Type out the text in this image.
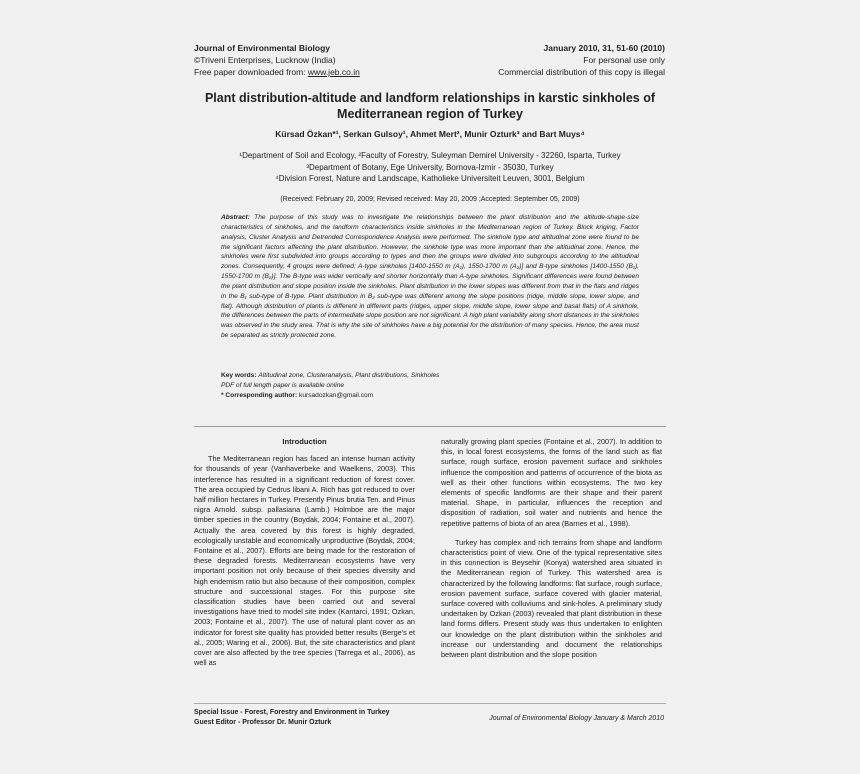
Journal of Environmental Biology
©Triveni Enterprises, Lucknow (India)
Free paper downloaded from: www.jeb.co.in
January 2010, 31, 51-60 (2010)
For personal use only
Commercial distribution of this copy is illegal
Plant distribution-altitude and landform relationships in karstic sinkholes of Mediterranean region of Turkey
Kürsad Özkan*¹, Serkan Gulsoy¹, Ahmet Mert², Munir Ozturk³ and Bart Muys⁴
¹Department of Soil and Ecology, ²Faculty of Forestry, Suleyman Demirel University - 32260, Isparta, Turkey
³Department of Botany, Ege University, Bornova-Izmir - 35030, Turkey
⁴Division Forest, Nature and Landscape, Katholieke Universiteit Leuven, 3001, Belgium
(Received: February 20, 2009; Revised received: May 20, 2009 ;Accepted: September 05, 2009)
Abstract: The purpose of this study was to investigate the relationships between the plant distribution and the altitude-shape-size characteristics of sinkholes, and the landform characteristics inside sinkholes in the Mediterranean region of Turkey. Block kriging, Factor analysis, Cluster Analysis and Detrended Correspondence Analysis were performed. The sinkhole type and altitudinal zone were found to be the significant factors affecting the plant distribution. However, the sinkhole type was more important than the altitudinal zone. Hence, the sinkholes were first subdivided into groups according to types and then the groups were divided into subgroups according to the altitudinal zones. Consequently, 4 groups were defined; A-type sinkholes [1400-1550 m (A₁), 1550-1700 m (A₂)] and B-type sinkholes [1400-1550 (B₁), 1550-1700 m (B₂)]. The B-type was wider vertically and shorter horizontally than A-type sinkholes. Significant differences were found between the plant distribution and slope position inside the sinkholes. Plant distribution in the lower slopes was different from that in the flats and ridges in the B₁ sub-type of B-type. Plant distribution in B₂ sub-type was different among the slope positions (ridge, middle slope, lower slope, and flat). Although distribution of plants is different in different parts (ridges, upper slope, middle slope, lower slope and basal flats) of A sinkhole, the differences between the parts of intermediate slope position are not significant. A high plant variability along short distances in the sinkholes was observed in the study area. That is why the site of sinkholes have a big potential for the distribution of many species. Hence, the area must be separated as strictly protected zone.
Key words: Altitudinal zone, Clusteranalysis, Plant distributions, Sinkholes
PDF of full length paper is available online
* Corresponding author: kursadozkan@gmail.com
Introduction

The Mediterranean region has faced an intense human activity for thousands of year (Vanhaverbeke and Waelkens, 2003). This interference has resulted in a significant reduction of forest cover. The area occupied by Cedrus libani A. Rich has got reduced to over half million hectares in Turkey. Presently Pinus brutia Ten. and Pinus nigra Arnold. subsp. pallasiana (Lamb.) Holmboe are the major timber species in the country (Boydak, 2004; Fontaine et al., 2007). Actually the area covered by this forest is highly degraded, ecologically unstable and economically unproductive (Boydak, 2004; Fontaine et al., 2007). Efforts are being made for the restoration of these degraded forests. Mediterranean ecosystems have very important position not only because of their species diversity and high endemism ratio but also because of their composition, complex structure and successional stages. For this purpose site classification studies have been carried out and several investigations have tried to model site index (Kantarci, 1991; Ozkan, 2003; Fontaine et al., 2007). The use of natural plant cover as an indicator for forest site quality has provided better results (Berge's et al., 2005; Waring et al., 2006). But, the site characteristics and plant cover are also affected by the tree species (Tarrega et al., 2006), as well as

naturally growing plant species (Fontaine et al., 2007). In addition to this, in local forest ecosystems, the forms of the land such as flat surface, rough surface, erosion pavement surface and sinkholes influence the composition and patterns of occurrence of the biota as well as their other functions within ecosystems. The two key elements of specific landforms are their shape and their parent material. Shape, in particular, influences the reception and disposition of radiation, soil water and nutrients and hence the repetitive patterns of biota of an area (Barnes et al., 1998).

Turkey has complex and rich terrains from shape and landform characteristics point of view. One of the typical representative sites in this connection is Beysehir (Konya) watershed area situated in the Mediterranean region of Turkey. This watershed area is characterized by the following landforms: flat surface, rough surface, erosion pavement surface, surface covered with glacier material, surface covered with colluviums and sink-holes. A preliminary study undertaken by Ozkan (2003) revealed that plant distribution in these land forms differs. Present study was thus undertaken to enlighten our knowledge on the plant distribution within the sinkholes and increase our understanding and document the relationships between plant distribution and the slope position

Special Issue - Forest, Forestry and Environment in Turkey
Guest Editor - Professor Dr. Munir Ozturk
Journal of Environmental Biology January & March 2010
